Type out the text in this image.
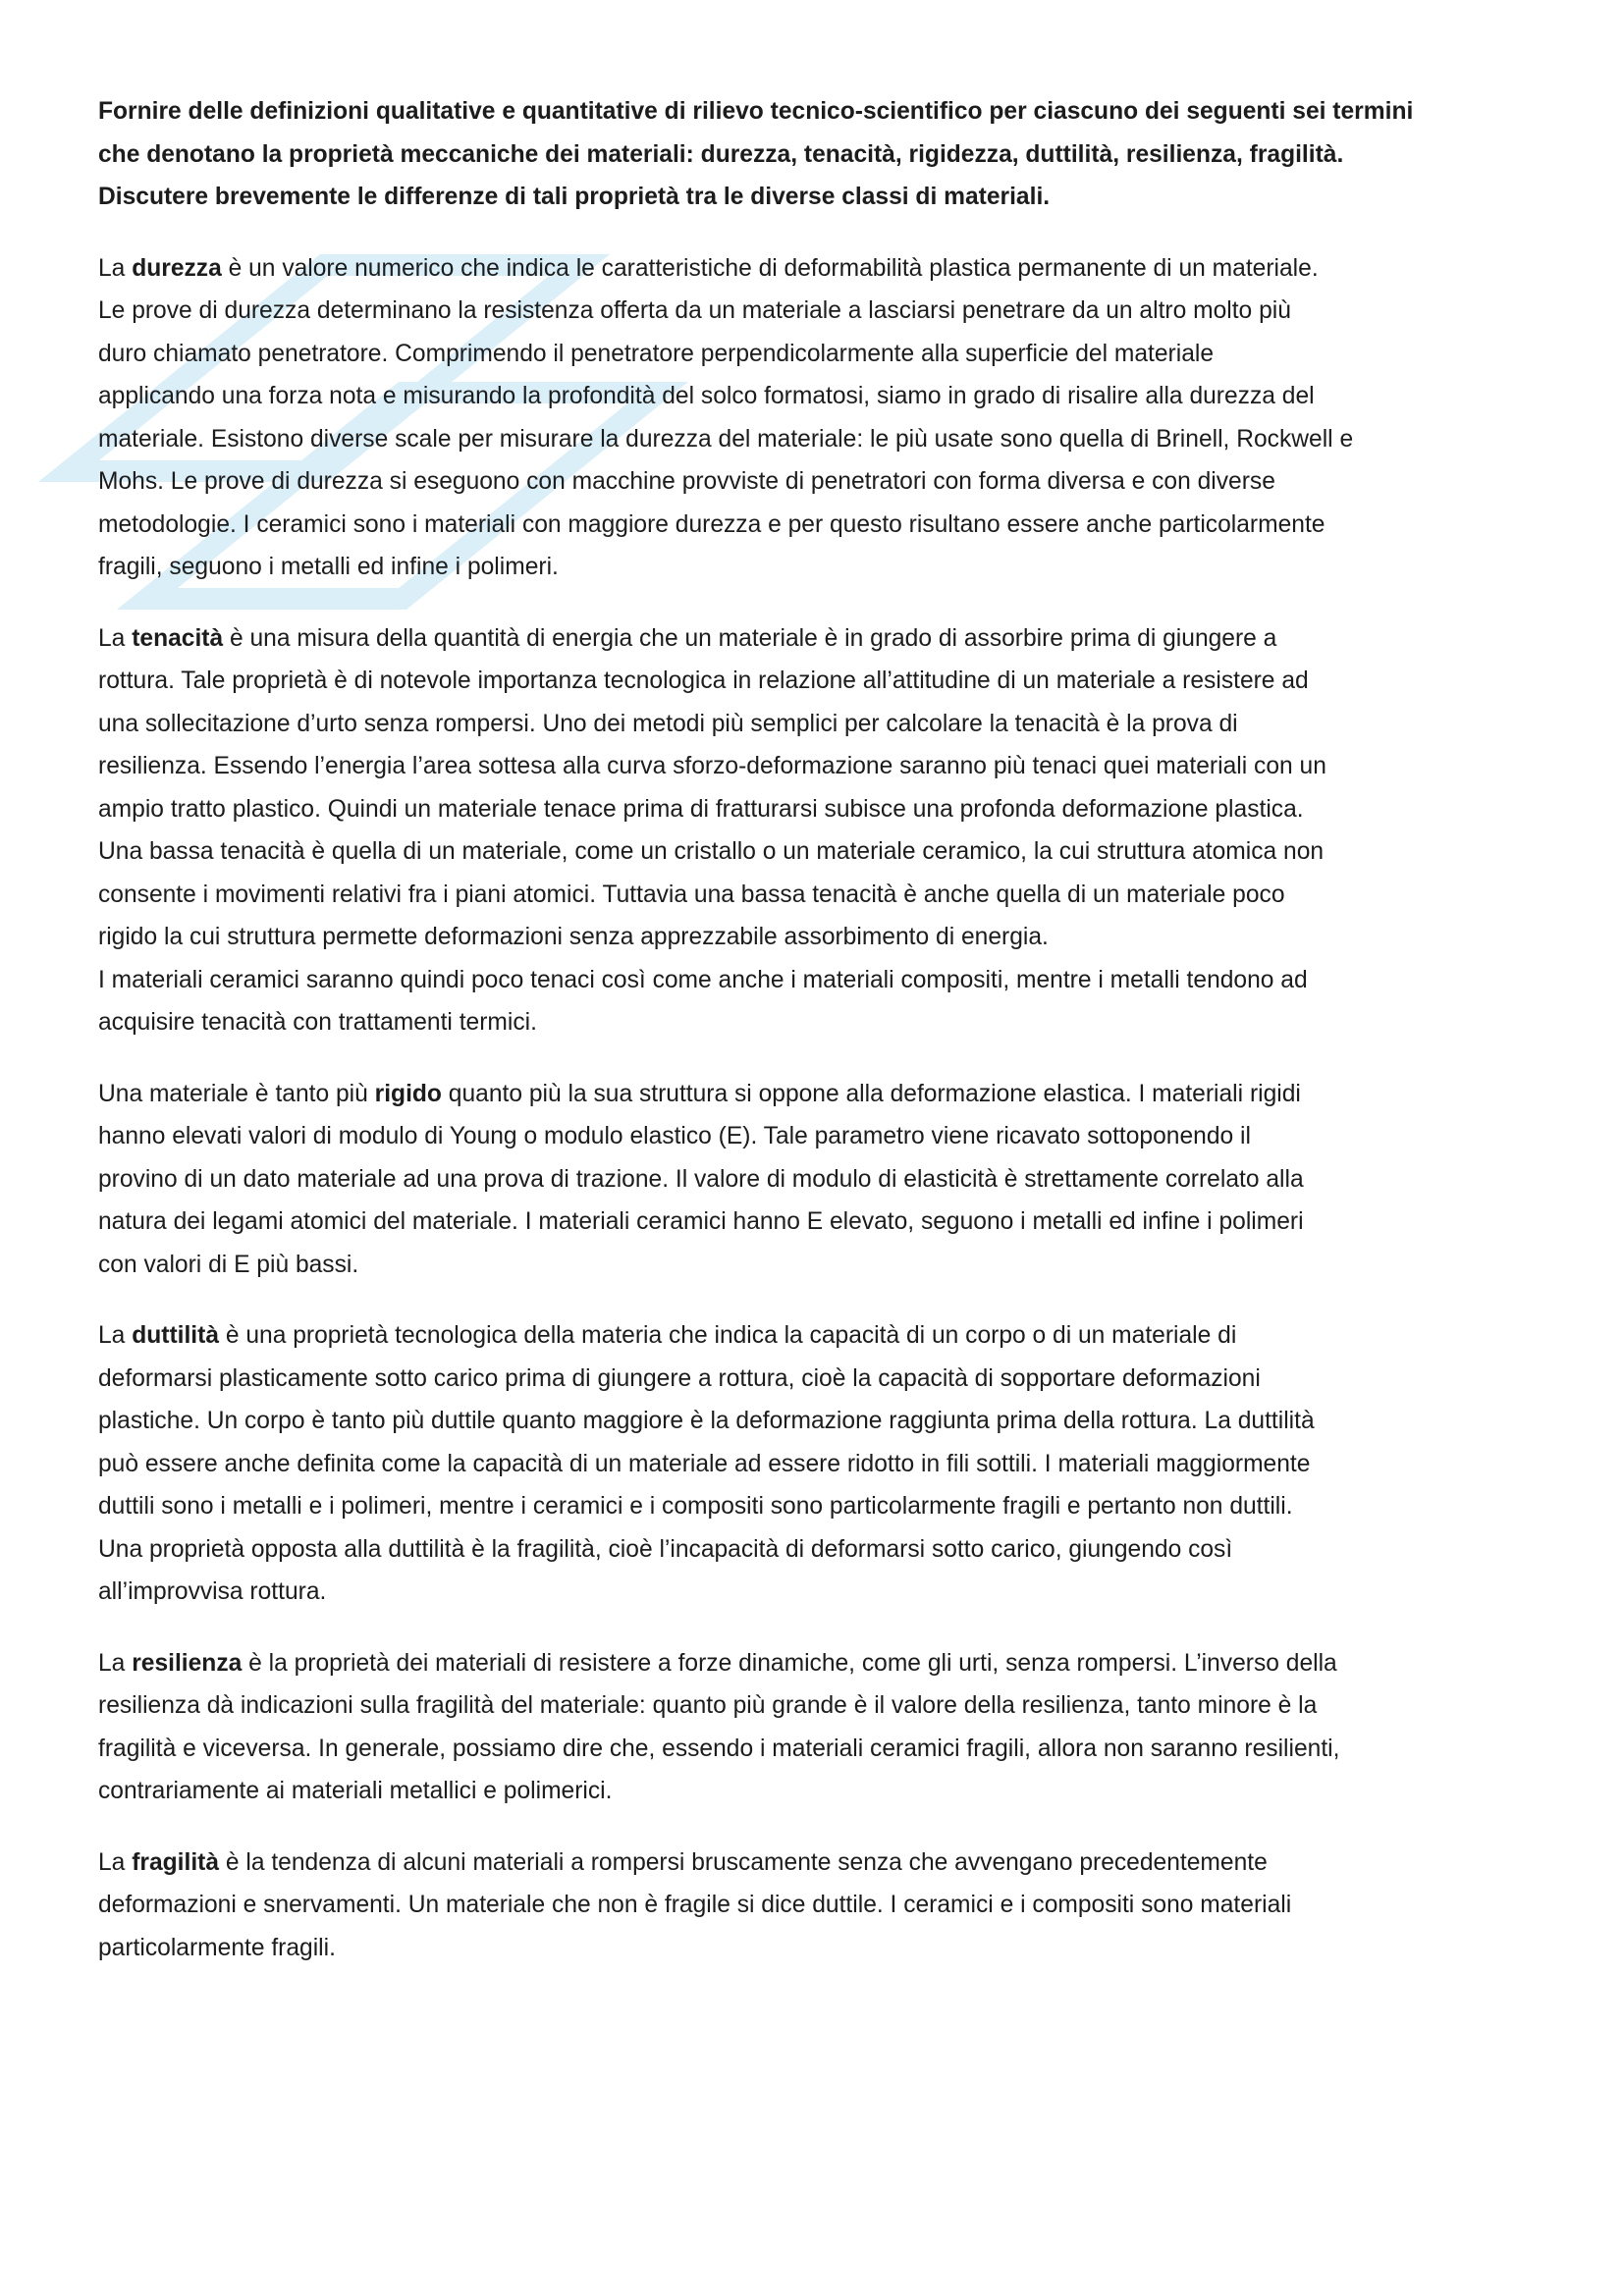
Fornire delle definizioni qualitative e quantitative di rilievo tecnico-scientifico per ciascuno dei seguenti sei termini
che denotano la proprietà meccaniche dei materiali: durezza, tenacità, rigidezza, duttilità, resilienza, fragilità.
Discutere brevemente le differenze di tali proprietà tra le diverse classi di materiali.
La durezza è un valore numerico che indica le caratteristiche di deformabilità plastica permanente di un materiale.
Le prove di durezza determinano la resistenza offerta da un materiale a lasciarsi penetrare da un altro molto più
duro chiamato penetratore. Comprimendo il penetratore perpendicolarmente alla superficie del materiale
applicando una forza nota e misurando la profondità del solco formatosi, siamo in grado di risalire alla durezza del
materiale. Esistono diverse scale per misurare la durezza del materiale: le più usate sono quella di Brinell, Rockwell e
Mohs. Le prove di durezza si eseguono con macchine provviste di penetratori con forma diversa e con diverse
metodologie. I ceramici sono i materiali con maggiore durezza e per questo risultano essere anche particolarmente
fragili, seguono i metalli ed infine i polimeri.
La tenacità è una misura della quantità di energia che un materiale è in grado di assorbire prima di giungere a
rottura. Tale proprietà è di notevole importanza tecnologica in relazione all’attitudine di un materiale a resistere ad
una sollecitazione d’urto senza rompersi. Uno dei metodi più semplici per calcolare la tenacità è la prova di
resilienza. Essendo l’energia l’area sottesa alla curva sforzo-deformazione saranno più tenaci quei materiali con un
ampio tratto plastico. Quindi un materiale tenace prima di fratturarsi subisce una profonda deformazione plastica.
Una bassa tenacità è quella di un materiale, come un cristallo o un materiale ceramico, la cui struttura atomica non
consente i movimenti relativi fra i piani atomici. Tuttavia una bassa tenacità è anche quella di un materiale poco
rigido la cui struttura permette deformazioni senza apprezzabile assorbimento di energia.
I materiali ceramici saranno quindi poco tenaci così come anche i materiali compositi, mentre i metalli tendono ad
acquisire tenacità con trattamenti termici.
Una materiale è tanto più rigido quanto più la sua struttura si oppone alla deformazione elastica. I materiali rigidi
hanno elevati valori di modulo di Young o modulo elastico (E). Tale parametro viene ricavato sottoponendo il
provino di un dato materiale ad una prova di trazione. Il valore di modulo di elasticità è strettamente correlato alla
natura dei legami atomici del materiale. I materiali ceramici hanno E elevato, seguono i metalli ed infine i polimeri
con valori di E più bassi.
La duttilità è una proprietà tecnologica della materia che indica la capacità di un corpo o di un materiale di
deformarsi plasticamente sotto carico prima di giungere a rottura, cioè la capacità di sopportare deformazioni
plastiche. Un corpo è tanto più duttile quanto maggiore è la deformazione raggiunta prima della rottura. La duttilità
può essere anche definita come la capacità di un materiale ad essere ridotto in fili sottili. I materiali maggiormente
duttili sono i metalli e i polimeri, mentre i ceramici e i compositi sono particolarmente fragili e pertanto non duttili.
Una proprietà opposta alla duttilità è la fragilità, cioè l’incapacità di deformarsi sotto carico, giungendo così
all’improvvisa rottura.
La resilienza è la proprietà dei materiali di resistere a forze dinamiche, come gli urti, senza rompersi. L’inverso della
resilienza dà indicazioni sulla fragilità del materiale: quanto più grande è il valore della resilienza, tanto minore è la
fragilità e viceversa. In generale, possiamo dire che, essendo i materiali ceramici fragili, allora non saranno resilienti,
contrariamente ai materiali metallici e polimerici.
La fragilità è la tendenza di alcuni materiali a rompersi bruscamente senza che avvengano precedentemente
deformazioni e snervamenti. Un materiale che non è fragile si dice duttile. I ceramici e i compositi sono materiali
particolarmente fragili.
